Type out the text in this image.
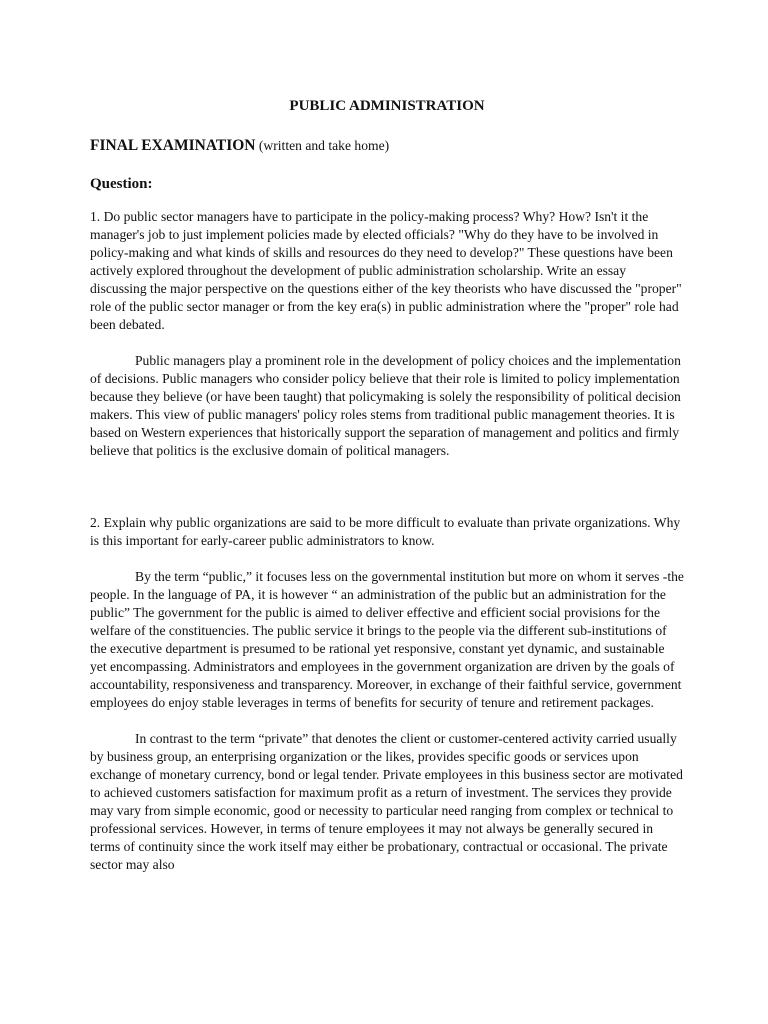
PUBLIC ADMINISTRATION
FINAL EXAMINATION (written and take home)
Question:

1. Do public sector managers have to participate in the policy-making process? Why? How? Isn't it the manager's job to just implement policies made by elected officials? "Why do they have to be involved in policy-making and what kinds of skills and resources do they need to develop?" These questions have been actively explored throughout the development of public administration scholarship. Write an essay discussing the major perspective on the questions either of the key theorists who have discussed the "proper" role of the public sector manager or from the key era(s) in public administration where the "proper" role had been debated.

Public managers play a prominent role in the development of policy choices and the implementation of decisions. Public managers who consider policy believe that their role is limited to policy implementation because they believe (or have been taught) that policymaking is solely the responsibility of political decision makers. This view of public managers' policy roles stems from traditional public management theories. It is based on Western experiences that historically support the separation of management and politics and firmly believe that politics is the exclusive domain of political managers.

2. Explain why public organizations are said to be more difficult to evaluate than private organizations. Why is this important for early-career public administrators to know.

By the term “public,” it focuses less on the governmental institution but more on whom it serves -the people. In the language of PA, it is however “ an administration of the public but an administration for the public” The government for the public is aimed to deliver effective and efficient social provisions for the welfare of the constituencies. The public service it brings to the people via the different sub-institutions of the executive department is presumed to be rational yet responsive, constant yet dynamic, and sustainable yet encompassing. Administrators and employees in the government organization are driven by the goals of accountability, responsiveness and transparency. Moreover, in exchange of their faithful service, government employees do enjoy stable leverages in terms of benefits for security of tenure and retirement packages.

In contrast to the term “private” that denotes the client or customer-centered activity carried usually by business group, an enterprising organization or the likes, provides specific goods or services upon exchange of monetary currency, bond or legal tender. Private employees in this business sector are motivated to achieved customers satisfaction for maximum profit as a return of investment. The services they provide may vary from simple economic, good or necessity to particular need ranging from complex or technical to professional services. However, in terms of tenure employees it may not always be generally secured in terms of continuity since the work itself may either be probationary, contractual or occasional. The private sector may also
